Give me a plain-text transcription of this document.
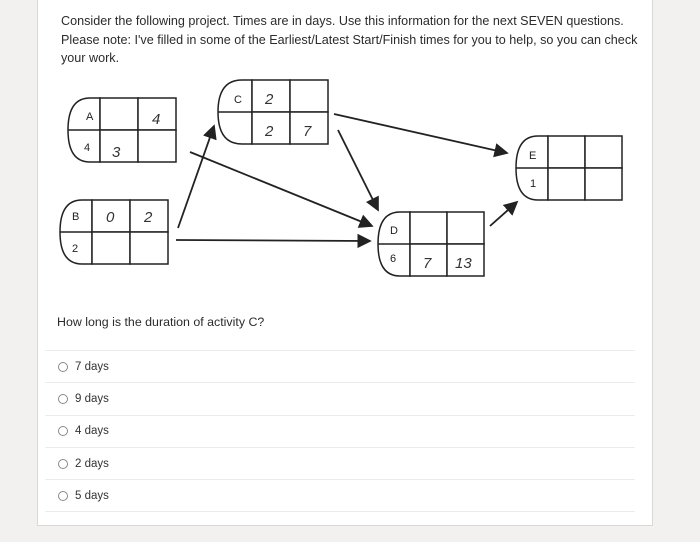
Consider the following project. Times are in days. Use this information for the next SEVEN questions. Please note: I've filled in some of the Earliest/Latest Start/Finish times for you to help, so you can check your work.

A
4
4
3
B
2
0 2
C 2
2 7
D
6 7 13
E
1

How long is the duration of activity C?

7 days
9 days
4 days
2 days
5 days
